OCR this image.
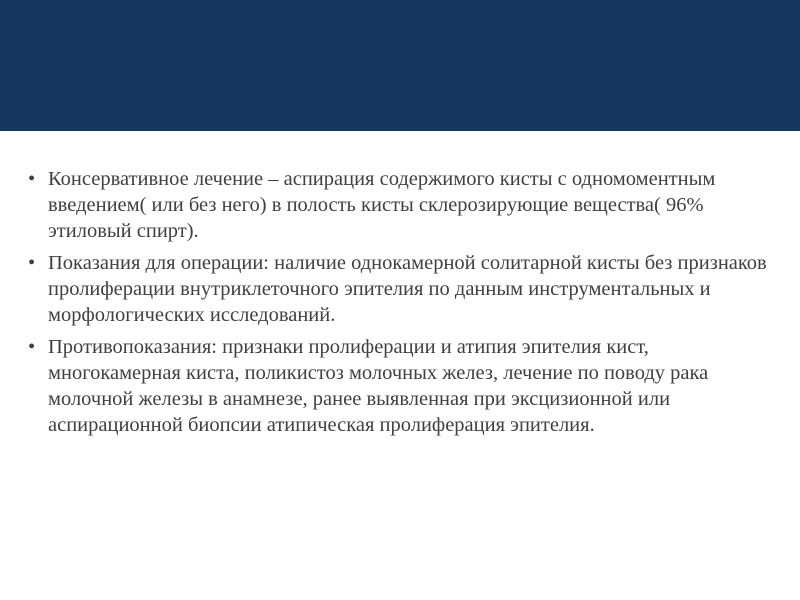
• Консервативное лечение – аспирация содержимого кисты с одномоментным введением( или без него) в полость кисты склерозирующие вещества( 96% этиловый спирт).
• Показания для операции: наличие однокамерной солитарной кисты без признаков пролиферации внутриклеточного эпителия по данным инструментальных и морфологических исследований.
• Противопоказания: признаки пролиферации и атипия эпителия кист, многокамерная киста, поликистоз молочных желез, лечение по поводу рака молочной железы в анамнезе, ранее выявленная при эксцизионной или аспирационной биопсии атипическая пролиферация эпителия.
